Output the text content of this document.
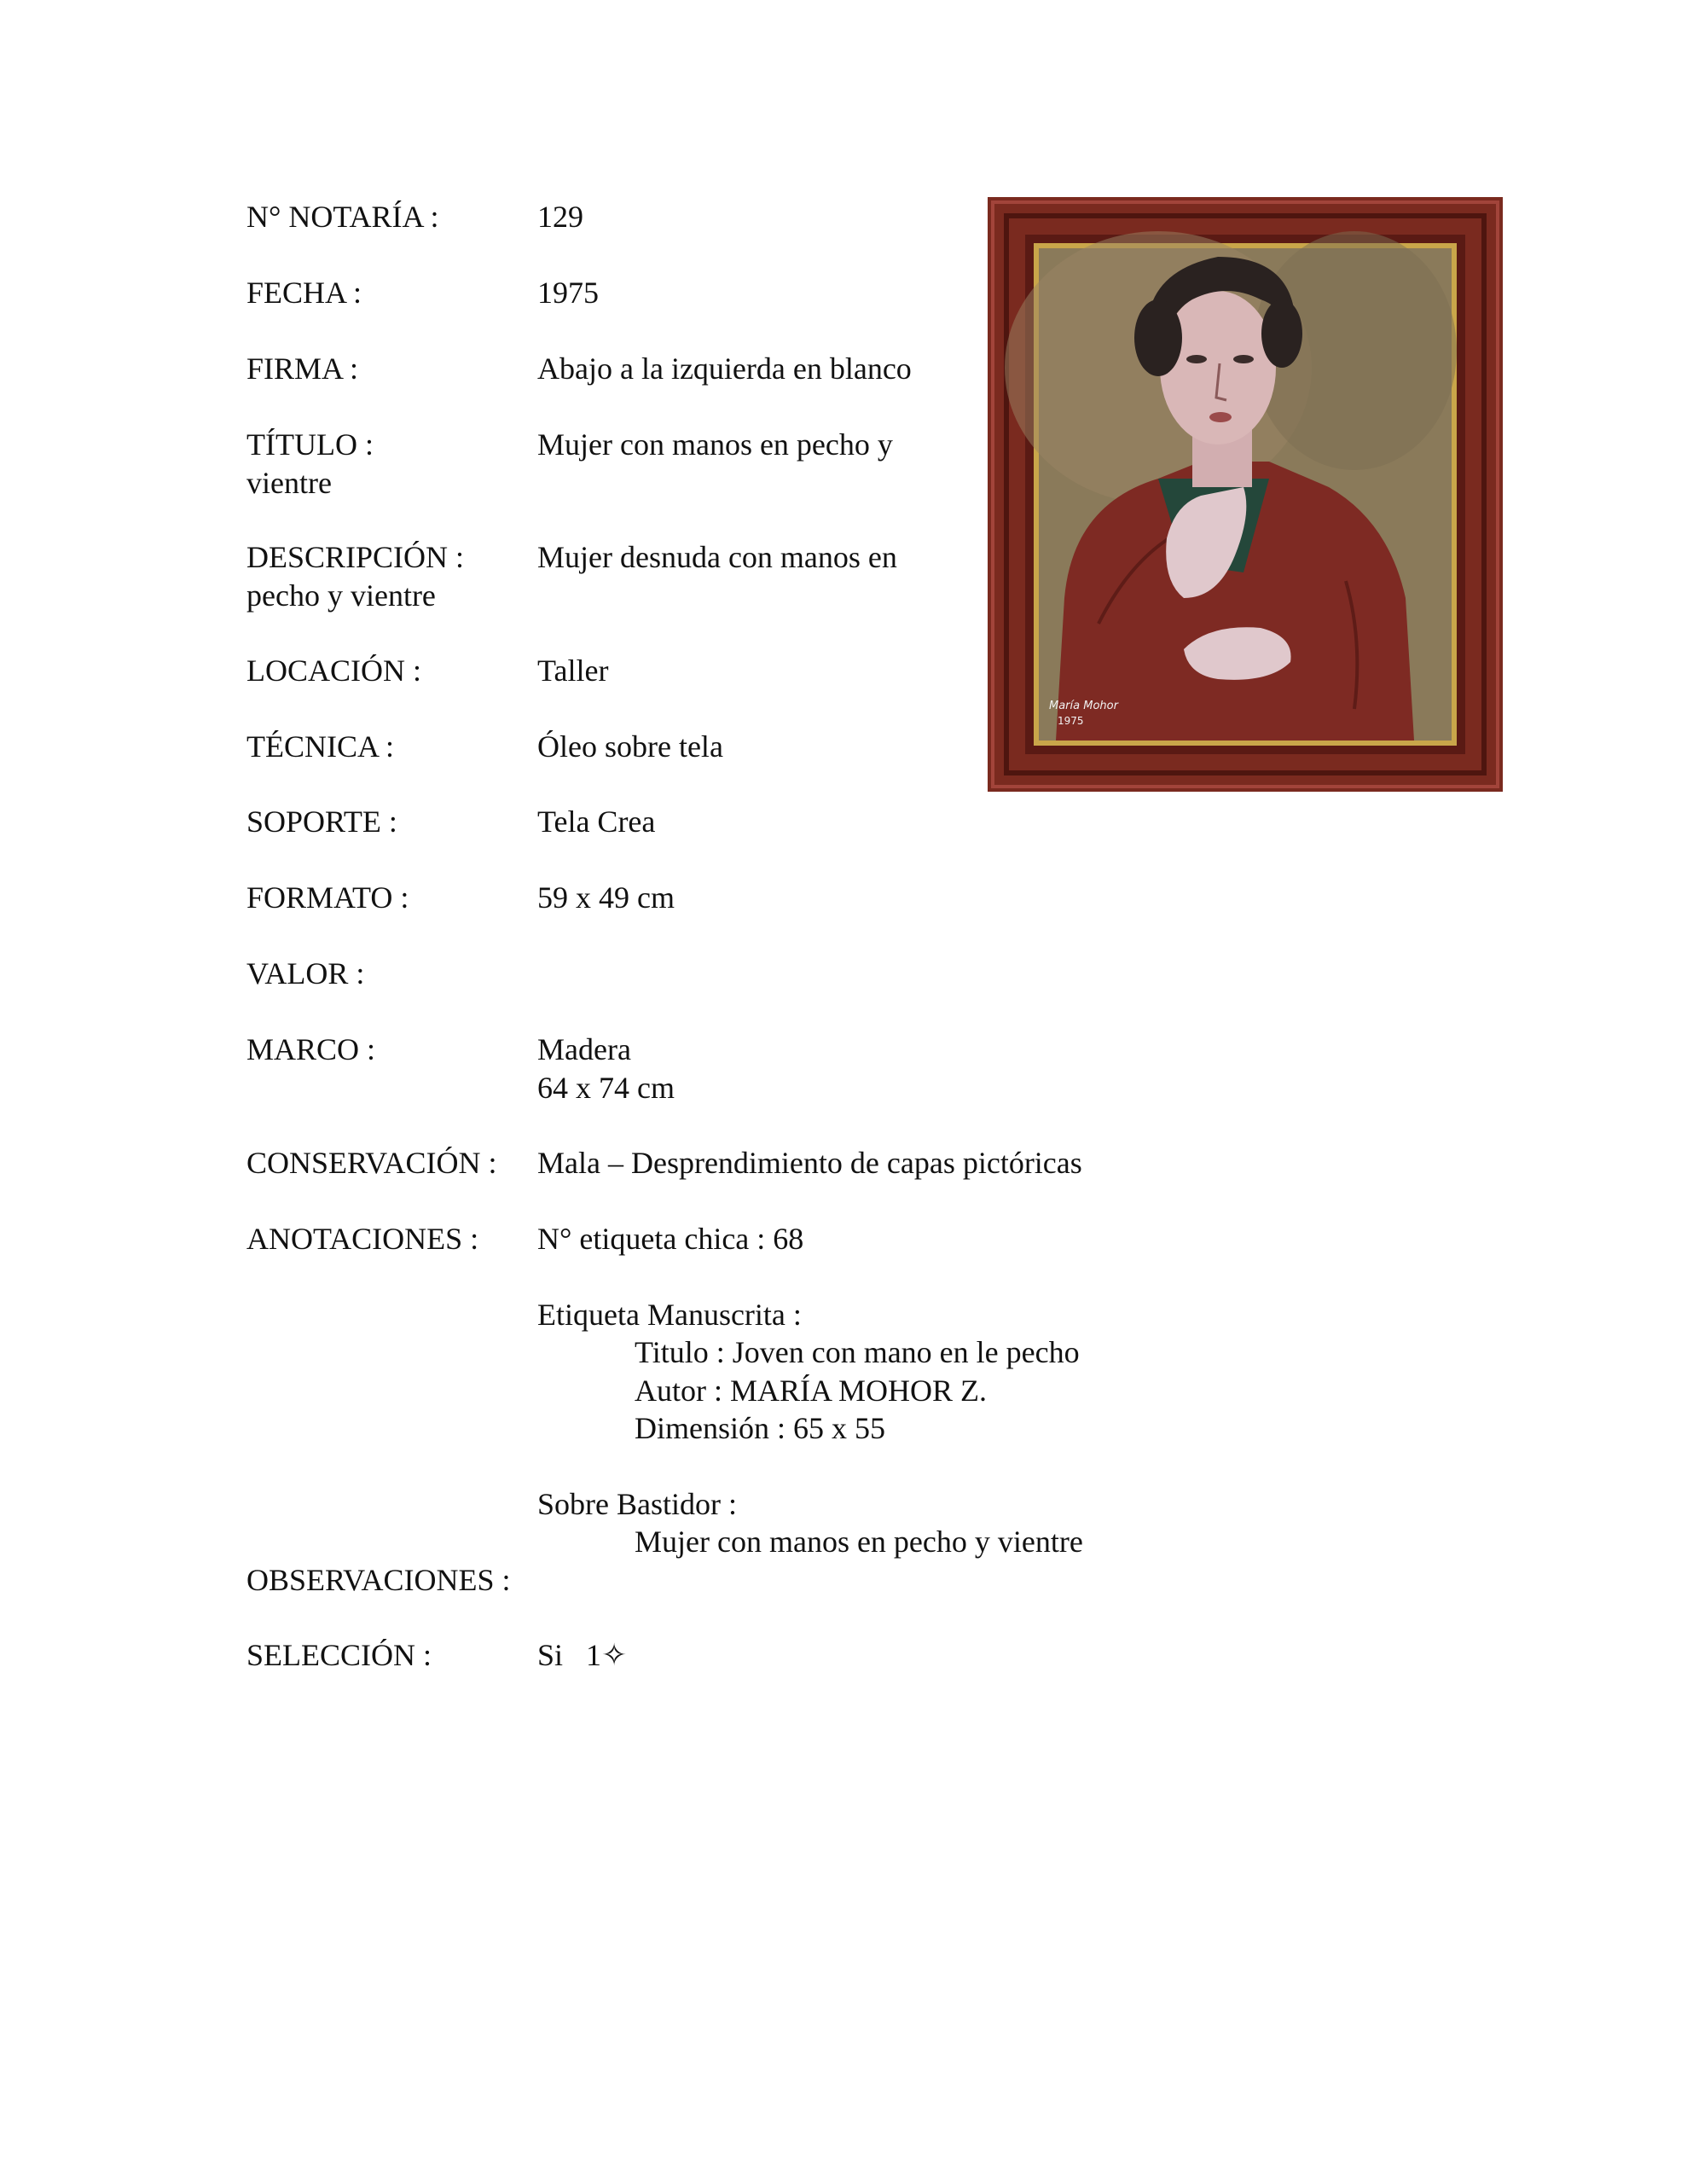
N° NOTARÍA :	129
FECHA :	1975
FIRMA :	Abajo a la izquierda en blanco
TÍTULO :	Mujer con manos en pecho y
vientre
DESCRIPCIÓN : Mujer desnuda con manos en
pecho y vientre
LOCACIÓN :	Taller
TÉCNICA :	Óleo sobre tela
SOPORTE :	Tela Crea
FORMATO :	59 x 49 cm
VALOR :
MARCO :	Madera
64 x 74 cm
CONSERVACIÓN : Mala – Desprendimiento de capas pictóricas
ANOTACIONES : N° etiqueta chica : 68
Etiqueta Manuscrita :
Titulo : Joven con mano en le pecho
Autor : MARÍA MOHOR Z.
Dimensión : 65 x 55
Sobre Bastidor :
Mujer con manos en pecho y vientre
OBSERVACIONES :
SELECCIÓN :	Si   1✧
María Mohor
1975
